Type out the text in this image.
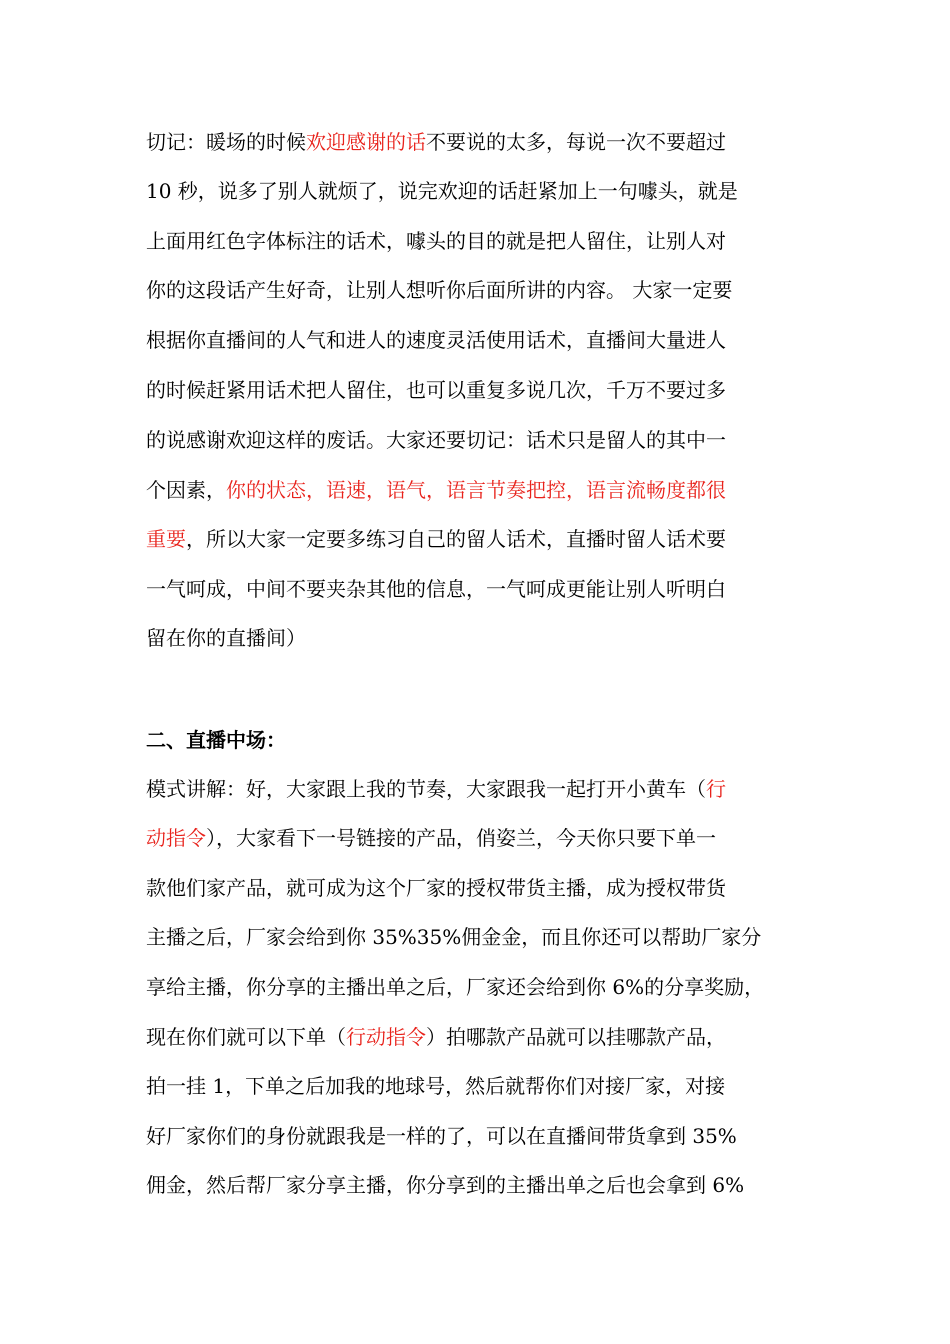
切记：暖场的时候欢迎感谢的话不要说的太多，每说一次不要超过
10 秒，说多了别人就烦了，说完欢迎的话赶紧加上一句噱头，就是
上面用红色字体标注的话术，噱头的目的就是把人留住，让别人对
你的这段话产生好奇，让别人想听你后面所讲的内容。 大家一定要
根据你直播间的人气和进人的速度灵活使用话术，直播间大量进人
的时候赶紧用话术把人留住，也可以重复多说几次，千万不要过多
的说感谢欢迎这样的废话。大家还要切记：话术只是留人的其中一
个因素，你的状态，语速，语气，语言节奏把控，语言流畅度都很
重要，所以大家一定要多练习自己的留人话术，直播时留人话术要
一气呵成，中间不要夹杂其他的信息，一气呵成更能让别人听明白
留在你的直播间）
二、直播中场：
模式讲解：好，大家跟上我的节奏，大家跟我一起打开小黄车（行
动指令），大家看下一号链接的产品，俏姿兰，今天你只要下单一
款他们家产品，就可成为这个厂家的授权带货主播，成为授权带货
主播之后，厂家会给到你 35%35%佣金金，而且你还可以帮助厂家分
享给主播，你分享的主播出单之后，厂家还会给到你 6%的分享奖励，
现在你们就可以下单（行动指令）拍哪款产品就可以挂哪款产品，
拍一挂 1，下单之后加我的地球号，然后就帮你们对接厂家，对接
好厂家你们的身份就跟我是一样的了，可以在直播间带货拿到 35%
佣金，然后帮厂家分享主播，你分享到的主播出单之后也会拿到 6%
